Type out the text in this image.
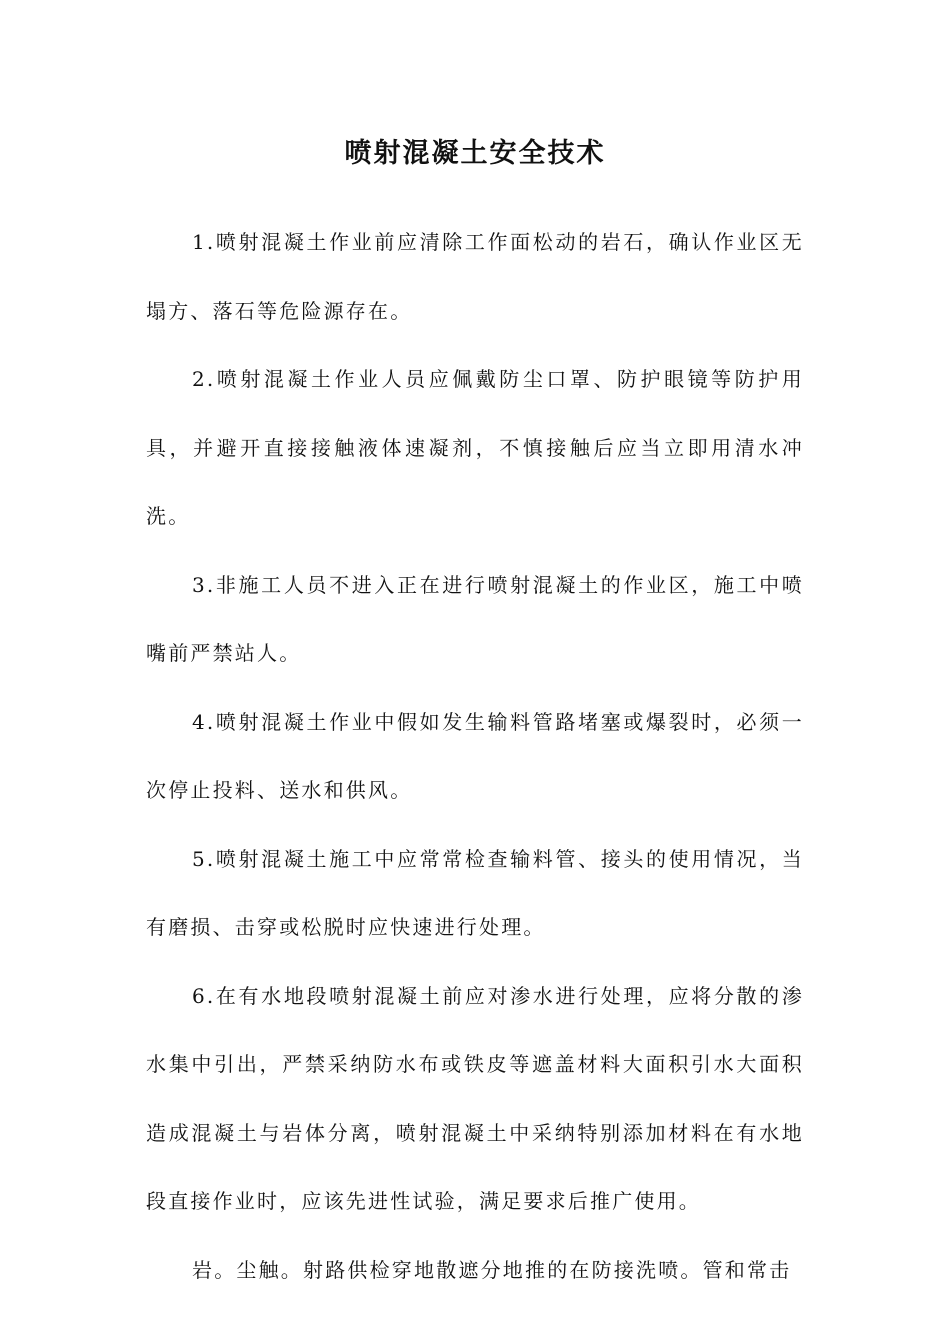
喷射混凝土安全技术

1.喷射混凝土作业前应清除工作面松动的岩石，确认作业区无塌方、落石等危险源存在。

2.喷射混凝土作业人员应佩戴防尘口罩、防护眼镜等防护用具，并避开直接接触液体速凝剂，不慎接触后应当立即用清水冲洗。

3.非施工人员不进入正在进行喷射混凝土的作业区，施工中喷嘴前严禁站人。

4.喷射混凝土作业中假如发生输料管路堵塞或爆裂时，必须一次停止投料、送水和供风。

5.喷射混凝土施工中应常常检查输料管、接头的使用情况，当有磨损、击穿或松脱时应快速进行处理。

6.在有水地段喷射混凝土前应对渗水进行处理，应将分散的渗水集中引出，严禁采纳防水布或铁皮等遮盖材料大面积引水大面积造成混凝土与岩体分离，喷射混凝土中采纳特别添加材料在有水地段直接作业时，应该先进性试验，满足要求后推广使用。

岩。尘触。射路供检穿地散遮分地推的在防接洗喷。管和常击
